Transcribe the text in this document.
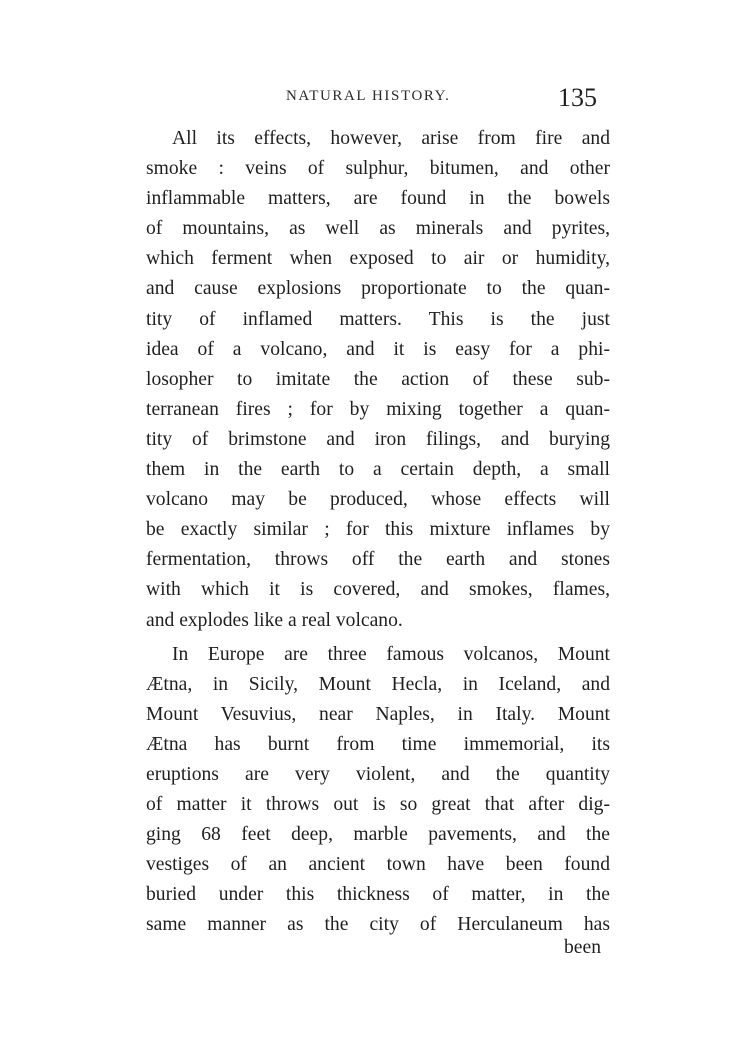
NATURAL HISTORY.	135
All its effects, however, arise from fire and
smoke : veins of sulphur, bitumen, and other
inflammable matters, are found in the bowels
of mountains, as well as minerals and pyrites,
which ferment when exposed to air or humidity,
and cause explosions proportionate to the quan-
tity of inflamed matters. This is the just
idea of a volcano, and it is easy for a phi-
losopher to imitate the action of these sub-
terranean fires ; for by mixing together a quan-
tity of brimstone and iron filings, and burying
them in the earth to a certain depth, a small
volcano may be produced, whose effects will
be exactly similar ; for this mixture inflames by
fermentation, throws off the earth and stones
with which it is covered, and smokes, flames,
and explodes like a real volcano.
In Europe are three famous volcanos, Mount
Ætna, in Sicily, Mount Hecla, in Iceland, and
Mount Vesuvius, near Naples, in Italy. Mount
Ætna has burnt from time immemorial, its
eruptions are very violent, and the quantity
of matter it throws out is so great that after dig-
ging 68 feet deep, marble pavements, and the
vestiges of an ancient town have been found
buried under this thickness of matter, in the
same manner as the city of Herculaneum has
been
